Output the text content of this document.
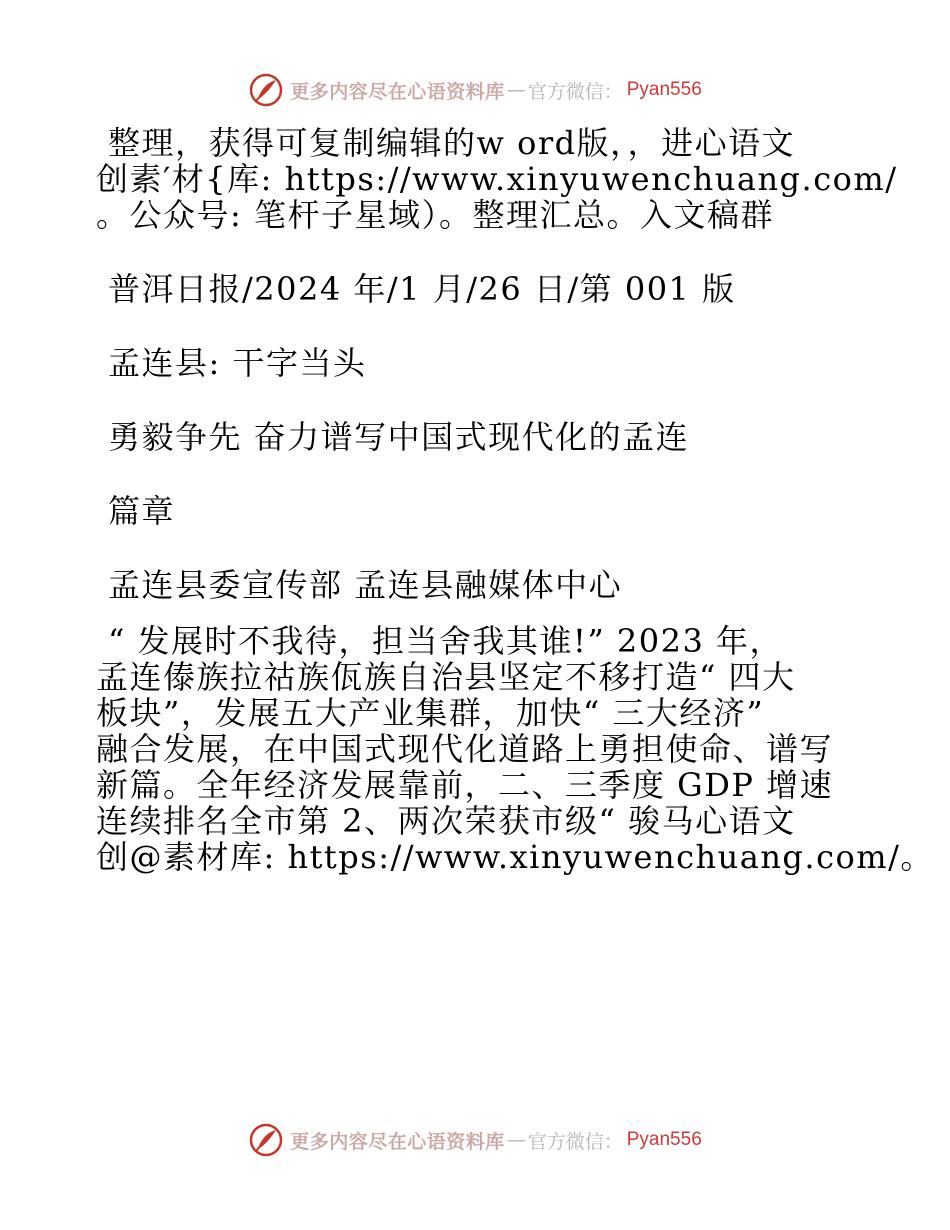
更多内容尽在心语资料库 — 官方微信： Pyan556
整理，获得可复制编辑的w ord版，，进心语文
创素′材{库: https://www.xinyuwenchuang.com/
。公众号: 笔杆子星域）。整理汇总。入文稿群
普洱日报/2024 年/1 月/26 日/第 001 版
孟连县: 干字当头
勇毅争先 奋力谱写中国式现代化的孟连
篇章
孟连县委宣传部 孟连县融媒体中心
“ 发展时不我待，担当舍我其谁!” 2023 年，
孟连傣族拉祜族佤族自治县坚定不移打造“ 四大
板块”，发展五大产业集群，加快“ 三大经济”
融合发展，在中国式现代化道路上勇担使命、谱写
新篇。全年经济发展靠前，二、三季度 GDP 增速
连续排名全市第 2、两次荣获市级“ 骏马心语文
创@素材库: https://www.xinyuwenchuang.com/。
更多内容尽在心语资料库 — 官方微信： Pyan556
